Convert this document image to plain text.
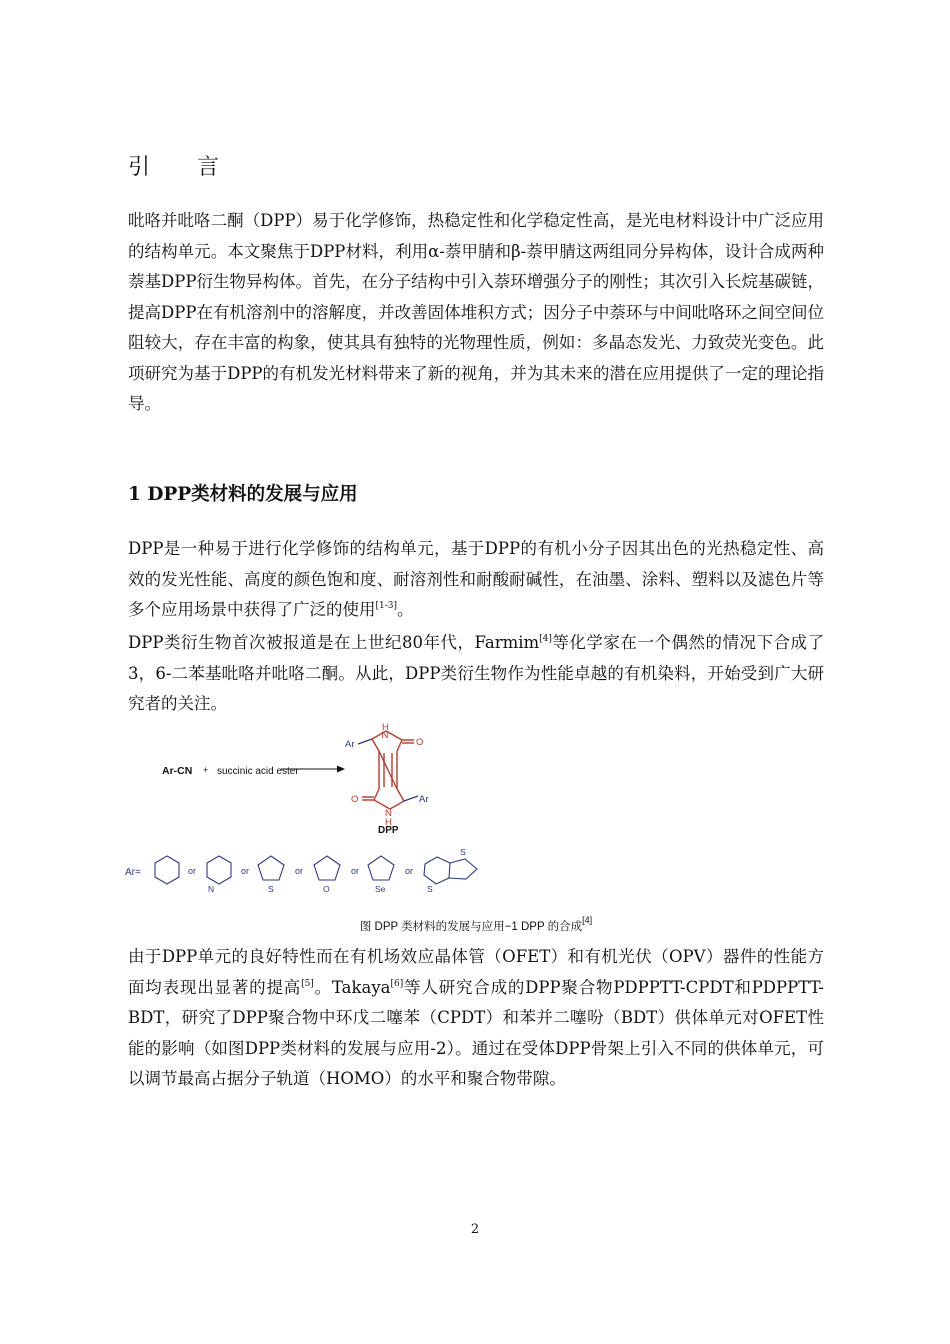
引 言

吡咯并吡咯二酮（DPP）易于化学修饰，热稳定性和化学稳定性高，是光电材料设计中广泛应用的结构单元。本文聚焦于DPP材料，利用α-萘甲腈和β-萘甲腈这两组同分异构体，设计合成两种萘基DPP衍生物异构体。首先，在分子结构中引入萘环增强分子的刚性；其次引入长烷基碳链，提高DPP在有机溶剂中的溶解度，并改善固体堆积方式；因分子中萘环与中间吡咯环之间空间位阻较大，存在丰富的构象，使其具有独特的光物理性质，例如：多晶态发光、力致荧光变色。此项研究为基于DPP的有机发光材料带来了新的视角，并为其未来的潜在应用提供了一定的理论指导。

1 DPP类材料的发展与应用

DPP是一种易于进行化学修饰的结构单元，基于DPP的有机小分子因其出色的光热稳定性、高效的发光性能、高度的颜色饱和度、耐溶剂性和耐酸耐碱性，在油墨、涂料、塑料以及滤色片等多个应用场景中获得了广泛的使用[1-3]。

DPP类衍生物首次被报道是在上世纪80年代，Farmim[4]等化学家在一个偶然的情况下合成了3，6-二苯基吡咯并吡咯二酮。从此，DPP类衍生物作为性能卓越的有机染料，开始受到广大研究者的关注。

Ar-CN + succinic acid ester
H
N
O
O
N
H
Ar
Ar
DPP
Ar=	or
N
or
S
or
O
or
Se
or
S
S
图 DPP 类材料的发展与应用−1 DPP 的合成[4]

由于DPP单元的良好特性而在有机场效应晶体管（OFET）和有机光伏（OPV）器件的性能方面均表现出显著的提高[5]。Takaya[6]等人研究合成的DPP聚合物PDPPTT-CPDT和PDPPTT-BDT，研究了DPP聚合物中环戊二噻苯（CPDT）和苯并二噻吩（BDT）供体单元对OFET性能的影响（如图DPP类材料的发展与应用-2）。通过在受体DPP骨架上引入不同的供体单元，可以调节最高占据分子轨道（HOMO）的水平和聚合物带隙。

2
